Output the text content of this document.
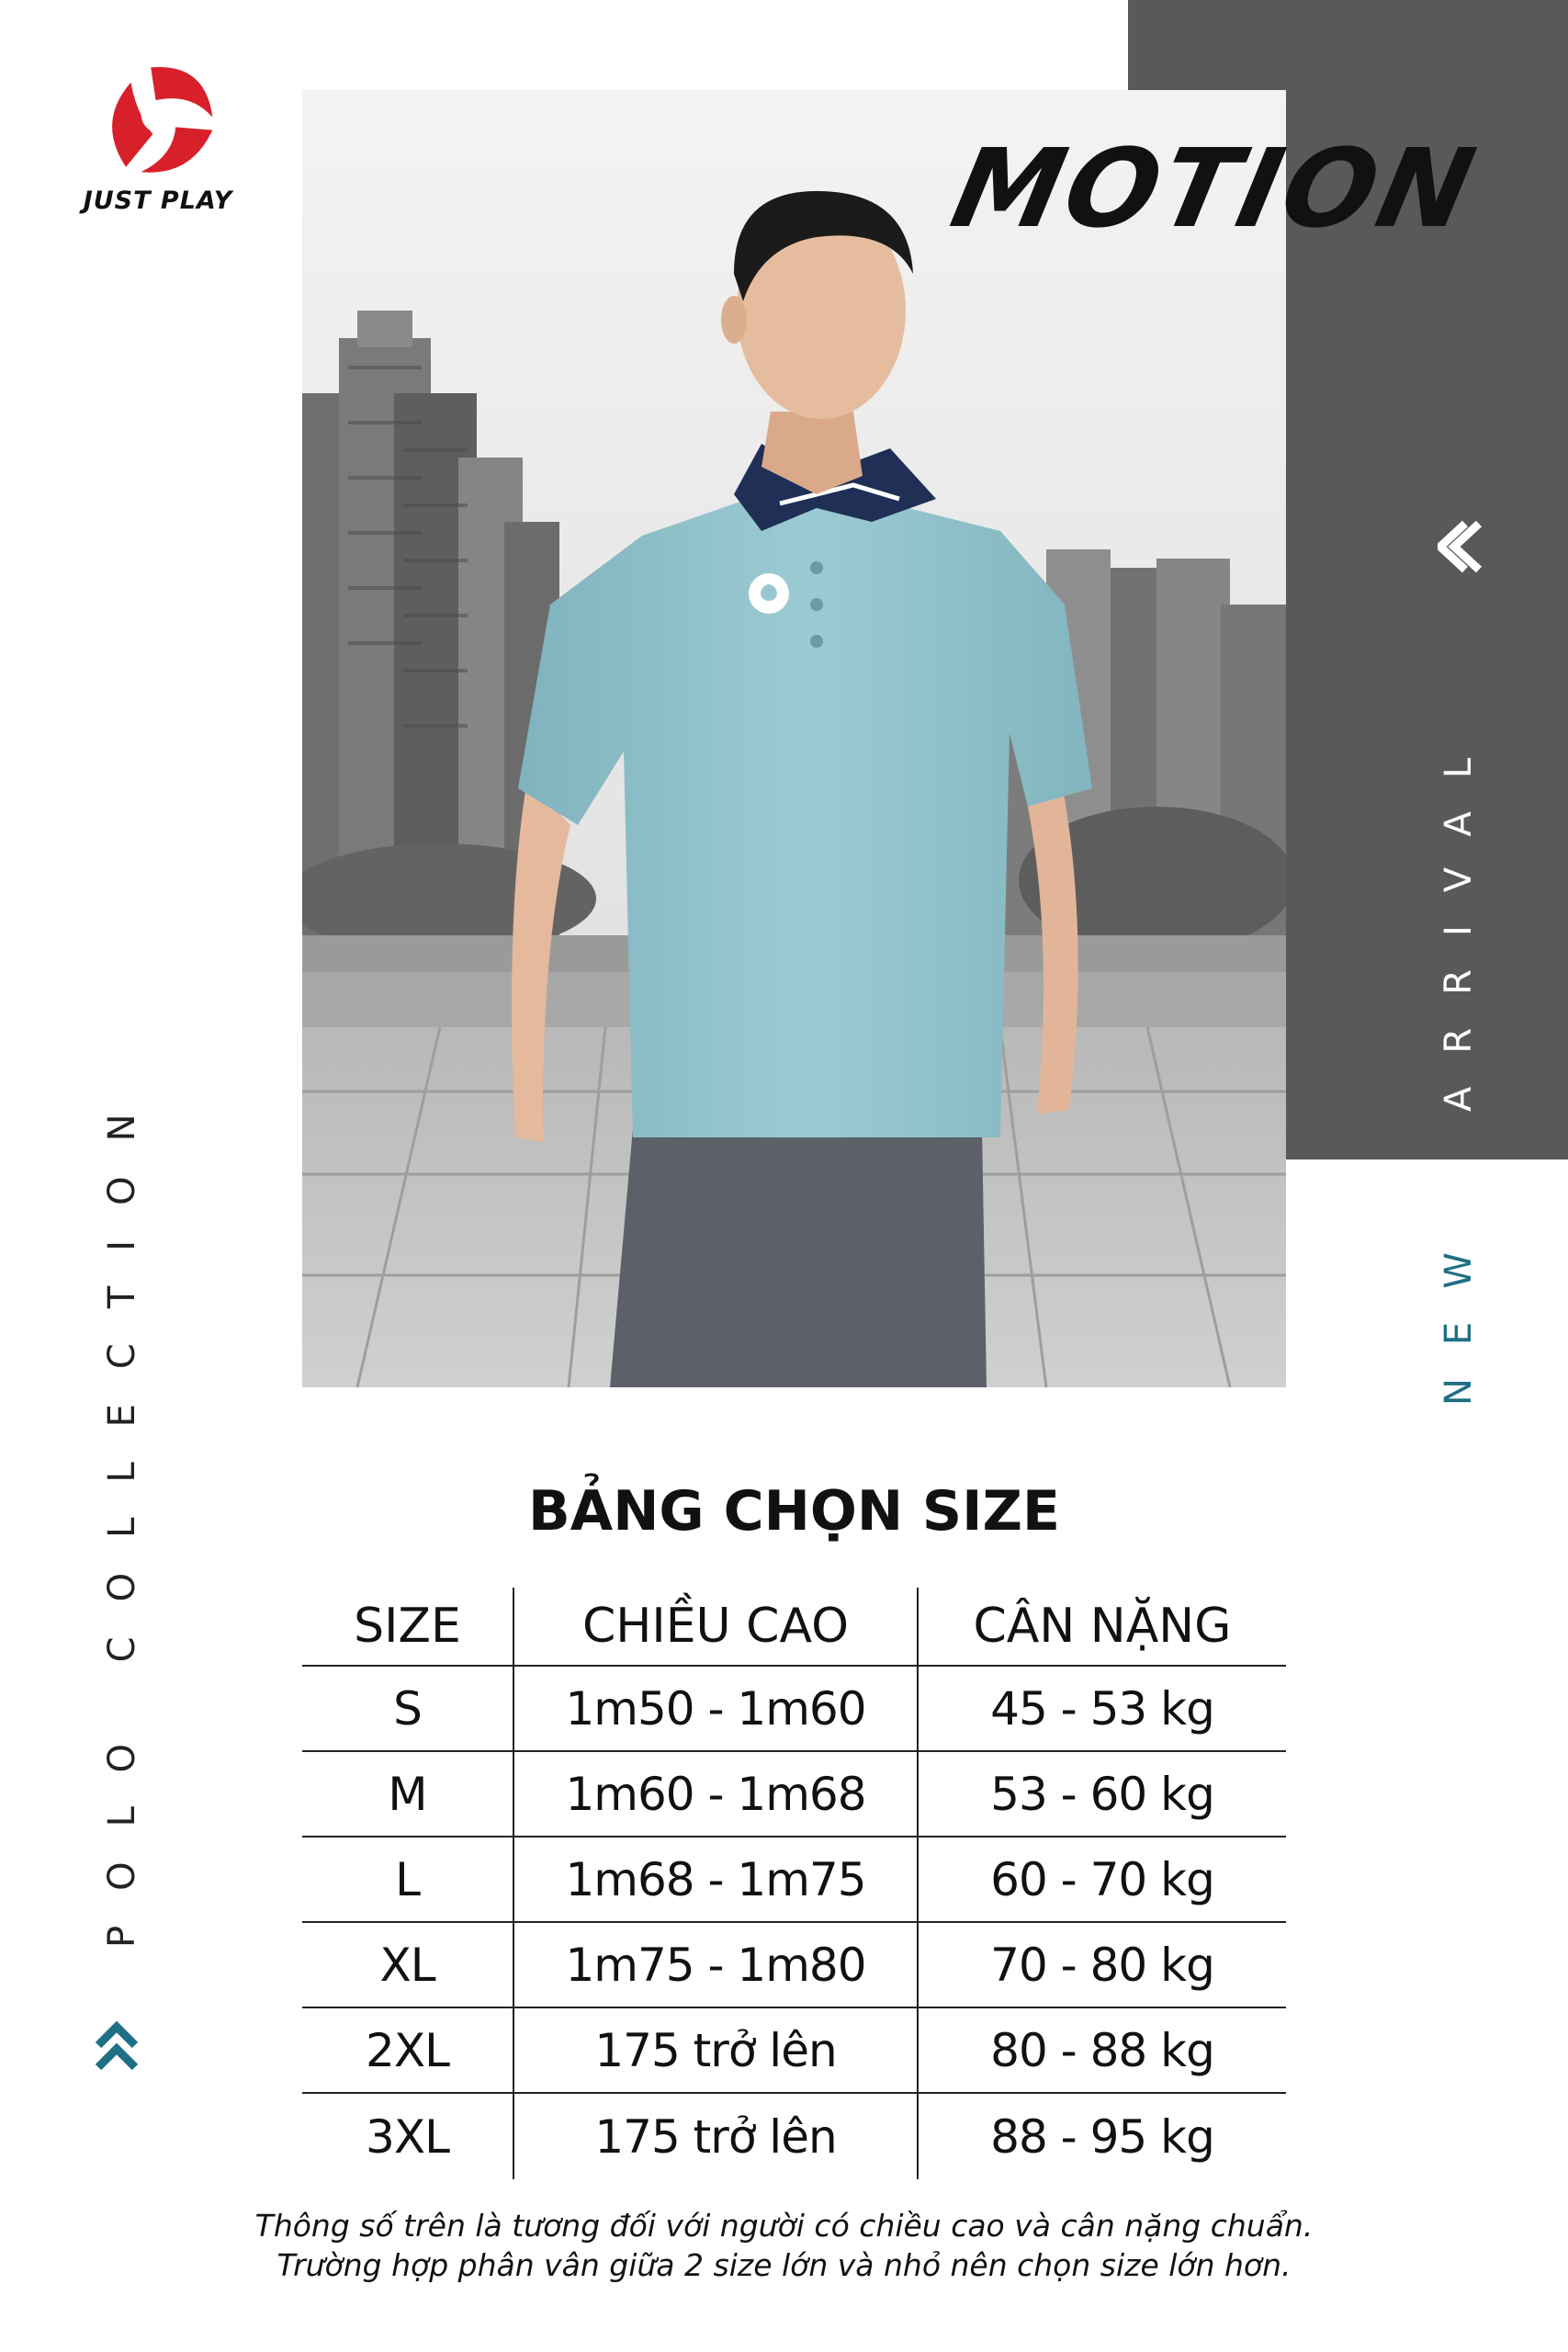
JUST PLAY	MOTION
ARRIVAL
NEW
POLO COLLECTION	BẢNG CHỌN SIZE
SIZE	CHIỀU CAO	CÂN NẶNG
S	1m50 - 1m60	45 - 53 kg
M	1m60 - 1m68	53 - 60 kg
L	1m68 - 1m75	60 - 70 kg
XL	1m75 - 1m80	70 - 80 kg
2XL	175 trở lên	80 - 88 kg
3XL	175 trở lên	88 - 95 kg
Thông số trên là tương đối với người có chiều cao và cân nặng chuẩn.
Trường hợp phân vân giữa 2 size lớn và nhỏ nên chọn size lớn hơn.
